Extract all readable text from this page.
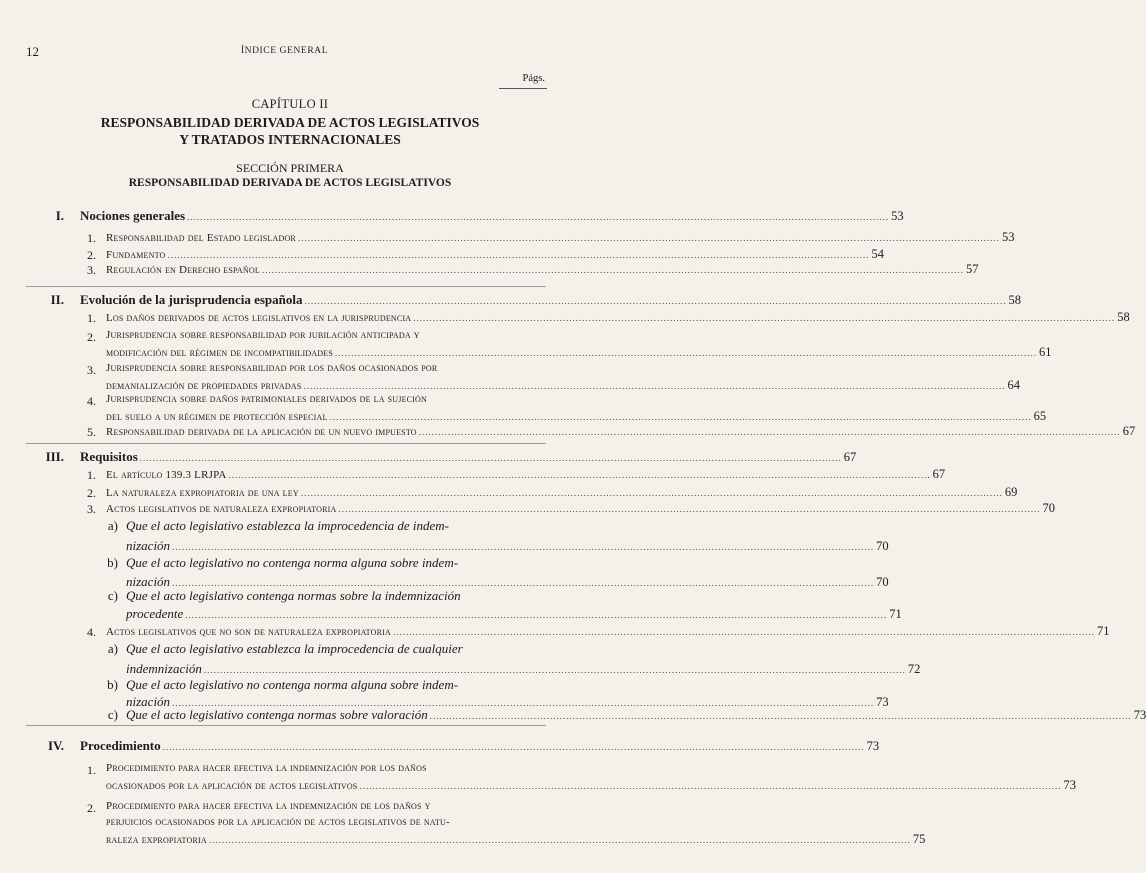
12	ÍNDICE GENERAL
Págs.
CAPÍTULO II
RESPONSABILIDAD DERIVADA DE ACTOS LEGISLATIVOS
Y TRATADOS INTERNACIONALES
SECCIÓN PRIMERA
RESPONSABILIDAD DERIVADA DE ACTOS LEGISLATIVOS
I. Nociones generales .....	53
1. Responsabilidad del Estado legislador .....	53
2. Fundamento .....	54
3. Regulación en Derecho español .....	57
II. Evolución de la jurisprudencia española .....	58
1. Los daños derivados de actos legislativos en la jurisprudencia .....	58
2. Jurisprudencia sobre responsabilidad por jubilación anticipada y
modificación del régimen de incompatibilidades .....	61
3. Jurisprudencia sobre responsabilidad por los daños ocasionados por
demanialización de propiedades privadas .....	64
4. Jurisprudencia sobre daños patrimoniales derivados de la sujeción
del suelo a un régimen de protección especial .....	65
5. Responsabilidad derivada de la aplicación de un nuevo impuesto .....	67
III. Requisitos .....	67
1. El artículo 139.3 LRJPA .....	67
2. La naturaleza expropiatoria de una ley .....	69
3. Actos legislativos de naturaleza expropiatoria .....	70
a) Que el acto legislativo establezca la improcedencia de indem-
nización .....	70
b) Que el acto legislativo no contenga norma alguna sobre indem-
nización .....	70
c) Que el acto legislativo contenga normas sobre la indemnización
procedente .....	71
4. Actos legislativos que no son de naturaleza expropiatoria .....	71
a) Que el acto legislativo establezca la improcedencia de cualquier
indemnización .....	72
b) Que el acto legislativo no contenga norma alguna sobre indem-
nización .....	73
c) Que el acto legislativo contenga normas sobre valoración .....	73
IV. Procedimiento .....	73
1. Procedimiento para hacer efectiva la indemnización por los daños
ocasionados por la aplicación de actos legislativos .....	73
2. Procedimiento para hacer efectiva la indemnización de los daños y
perjuicios ocasionados por la aplicación de actos legislativos de natu-
raleza expropiatoria .....	75
